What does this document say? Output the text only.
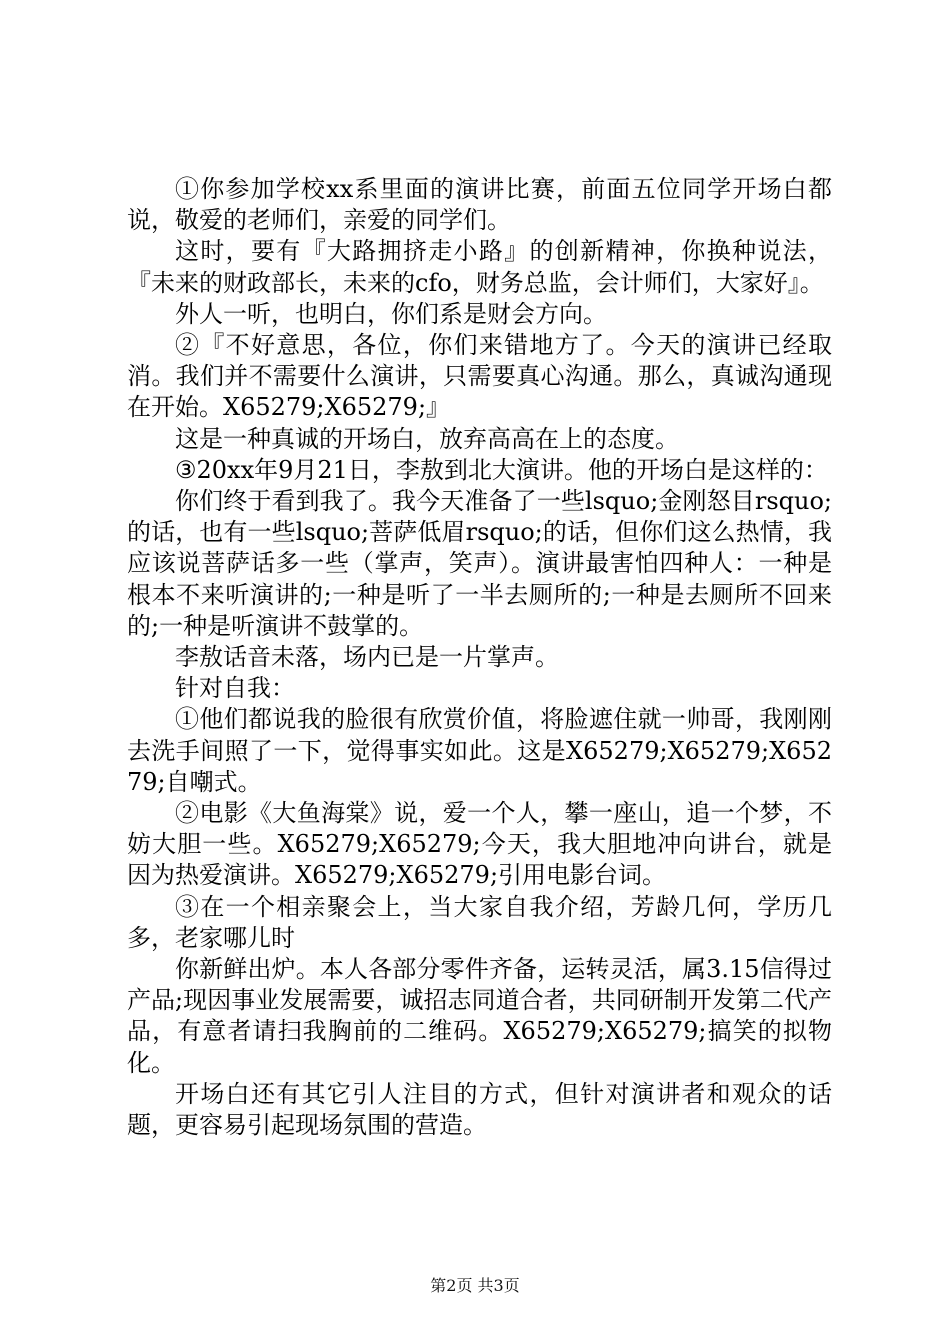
①你参加学校xx系里面的演讲比赛，前面五位同学开场白都说，敬爱的老师们，亲爱的同学们。

这时，要有『大路拥挤走小路』的创新精神，你换种说法，『未来的财政部长，未来的cfo，财务总监，会计师们，大家好』。

外人一听，也明白，你们系是财会方向。

②『不好意思，各位，你们来错地方了。今天的演讲已经取消。我们并不需要什么演讲，只需要真心沟通。那么，真诚沟通现在开始。X65279;X65279;』

这是一种真诚的开场白，放弃高高在上的态度。

③20xx年9月21日，李敖到北大演讲。他的开场白是这样的：

你们终于看到我了。我今天准备了一些lsquo;金刚怒目rsquo;的话，也有一些lsquo;菩萨低眉rsquo;的话，但你们这么热情，我应该说菩萨话多一些（掌声，笑声）。演讲最害怕四种人：一种是根本不来听演讲的;一种是听了一半去厕所的;一种是去厕所不回来的;一种是听演讲不鼓掌的。

李敖话音未落，场内已是一片掌声。

针对自我：

①他们都说我的脸很有欣赏价值，将脸遮住就一帅哥，我刚刚去洗手间照了一下，觉得事实如此。这是X65279;X65279;X65279;自嘲式。

②电影《大鱼海棠》说，爱一个人，攀一座山，追一个梦，不妨大胆一些。X65279;X65279;今天，我大胆地冲向讲台，就是因为热爱演讲。X65279;X65279;引用电影台词。

③在一个相亲聚会上，当大家自我介绍，芳龄几何，学历几多，老家哪儿时

你新鲜出炉。本人各部分零件齐备，运转灵活，属3.15信得过产品;现因事业发展需要，诚招志同道合者，共同研制开发第二代产品，有意者请扫我胸前的二维码。X65279;X65279;搞笑的拟物化。

开场白还有其它引人注目的方式，但针对演讲者和观众的话题，更容易引起现场氛围的营造。

第2页 共3页
